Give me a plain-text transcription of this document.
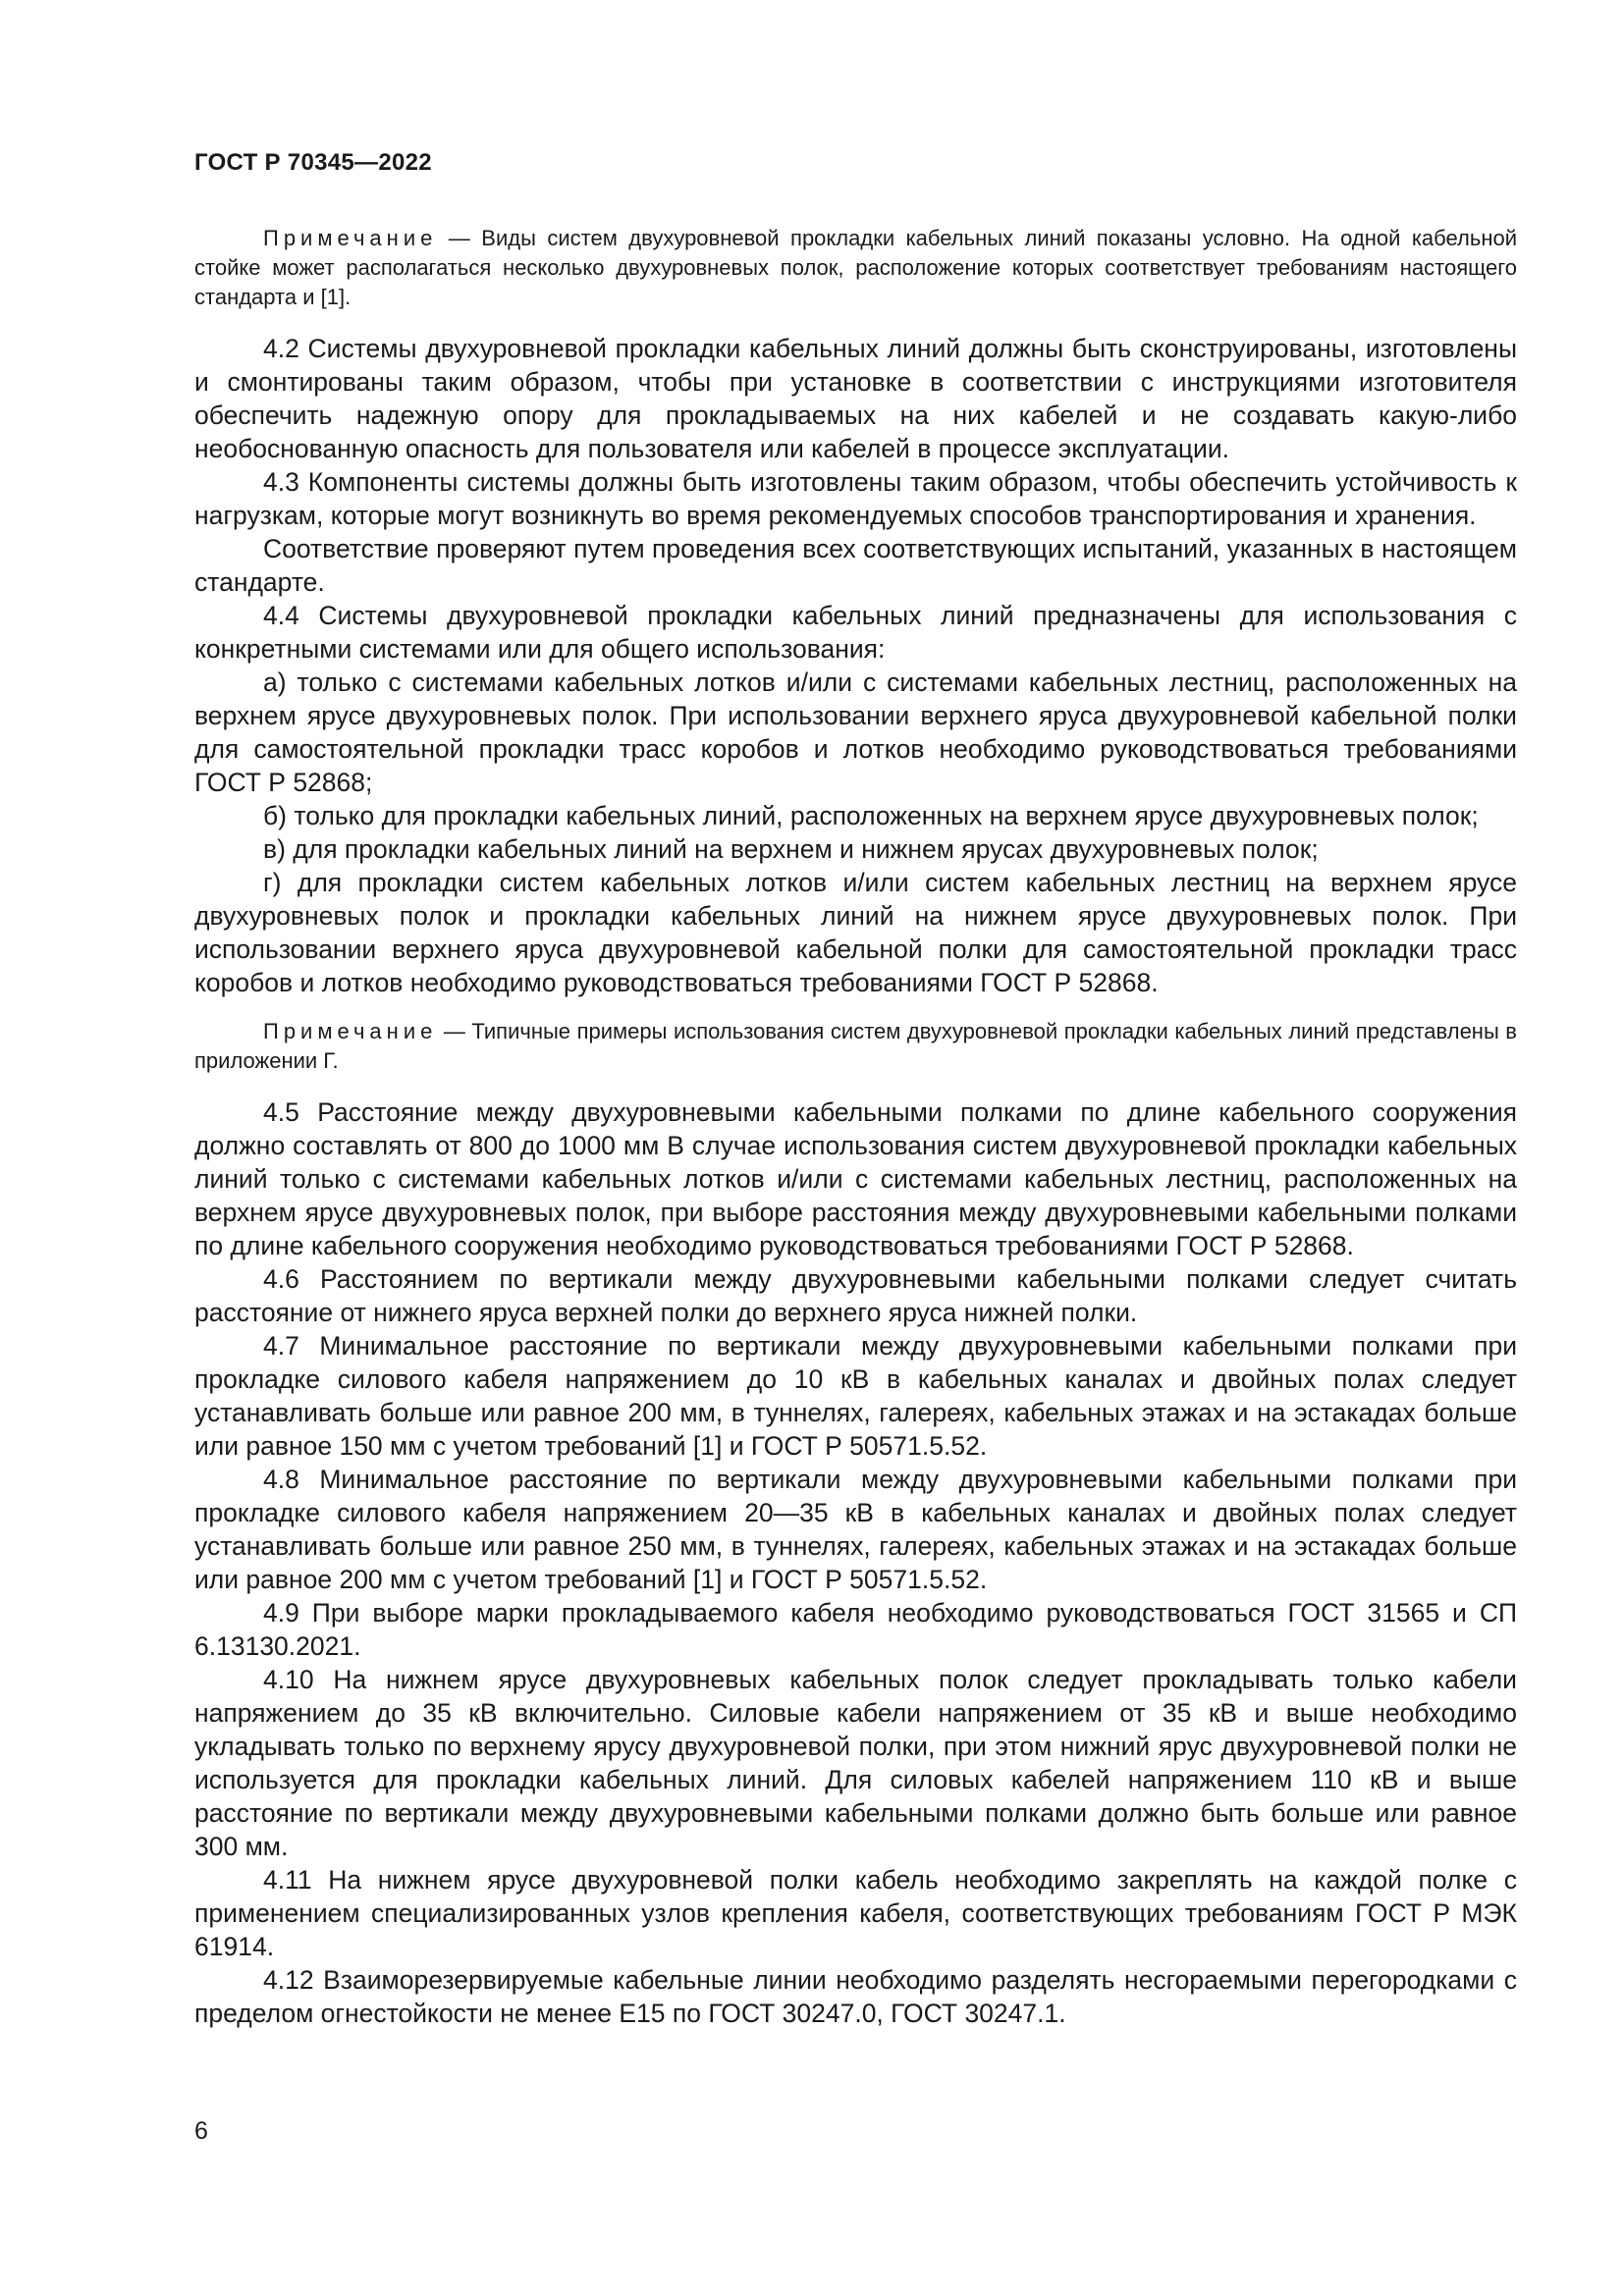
ГОСТ Р 70345—2022

Примечание — Виды систем двухуровневой прокладки кабельных линий показаны условно. На одной кабельной стойке может располагаться несколько двухуровневых полок, расположение которых соответствует требованиям настоящего стандарта и [1].

4.2 Системы двухуровневой прокладки кабельных линий должны быть сконструированы, изготовлены и смонтированы таким образом, чтобы при установке в соответствии с инструкциями изготовителя обеспечить надежную опору для прокладываемых на них кабелей и не создавать какую-либо необоснованную опасность для пользователя или кабелей в процессе эксплуатации.

4.3 Компоненты системы должны быть изготовлены таким образом, чтобы обеспечить устойчивость к нагрузкам, которые могут возникнуть во время рекомендуемых способов транспортирования и хранения.

Соответствие проверяют путем проведения всех соответствующих испытаний, указанных в настоящем стандарте.

4.4 Системы двухуровневой прокладки кабельных линий предназначены для использования с конкретными системами или для общего использования:

а) только с системами кабельных лотков и/или с системами кабельных лестниц, расположенных на верхнем ярусе двухуровневых полок. При использовании верхнего яруса двухуровневой кабельной полки для самостоятельной прокладки трасс коробов и лотков необходимо руководствоваться требованиями ГОСТ Р 52868;

б) только для прокладки кабельных линий, расположенных на верхнем ярусе двухуровневых полок;

в) для прокладки кабельных линий на верхнем и нижнем ярусах двухуровневых полок;

г) для прокладки систем кабельных лотков и/или систем кабельных лестниц на верхнем ярусе двухуровневых полок и прокладки кабельных линий на нижнем ярусе двухуровневых полок. При использовании верхнего яруса двухуровневой кабельной полки для самостоятельной прокладки трасс коробов и лотков необходимо руководствоваться требованиями ГОСТ Р 52868.

Примечание — Типичные примеры использования систем двухуровневой прокладки кабельных линий представлены в приложении Г.

4.5 Расстояние между двухуровневыми кабельными полками по длине кабельного сооружения должно составлять от 800 до 1000 мм В случае использования систем двухуровневой прокладки кабельных линий только с системами кабельных лотков и/или с системами кабельных лестниц, расположенных на верхнем ярусе двухуровневых полок, при выборе расстояния между двухуровневыми кабельными полками по длине кабельного сооружения необходимо руководствоваться требованиями ГОСТ Р 52868.

4.6 Расстоянием по вертикали между двухуровневыми кабельными полками следует считать расстояние от нижнего яруса верхней полки до верхнего яруса нижней полки.

4.7 Минимальное расстояние по вертикали между двухуровневыми кабельными полками при прокладке силового кабеля напряжением до 10 кВ в кабельных каналах и двойных полах следует устанавливать больше или равное 200 мм, в туннелях, галереях, кабельных этажах и на эстакадах больше или равное 150 мм с учетом требований [1] и ГОСТ Р 50571.5.52.

4.8 Минимальное расстояние по вертикали между двухуровневыми кабельными полками при прокладке силового кабеля напряжением 20—35 кВ в кабельных каналах и двойных полах следует устанавливать больше или равное 250 мм, в туннелях, галереях, кабельных этажах и на эстакадах больше или равное 200 мм с учетом требований [1] и ГОСТ Р 50571.5.52.

4.9 При выборе марки прокладываемого кабеля необходимо руководствоваться ГОСТ 31565 и СП 6.13130.2021.

4.10 На нижнем ярусе двухуровневых кабельных полок следует прокладывать только кабели напряжением до 35 кВ включительно. Силовые кабели напряжением от 35 кВ и выше необходимо укладывать только по верхнему ярусу двухуровневой полки, при этом нижний ярус двухуровневой полки не используется для прокладки кабельных линий. Для силовых кабелей напряжением 110 кВ и выше расстояние по вертикали между двухуровневыми кабельными полками должно быть больше или равное 300 мм.

4.11 На нижнем ярусе двухуровневой полки кабель необходимо закреплять на каждой полке с применением специализированных узлов крепления кабеля, соответствующих требованиям ГОСТ Р МЭК 61914.

4.12 Взаиморезервируемые кабельные линии необходимо разделять несгораемыми перегородками с пределом огнестойкости не менее Е15 по ГОСТ 30247.0, ГОСТ 30247.1.

6
